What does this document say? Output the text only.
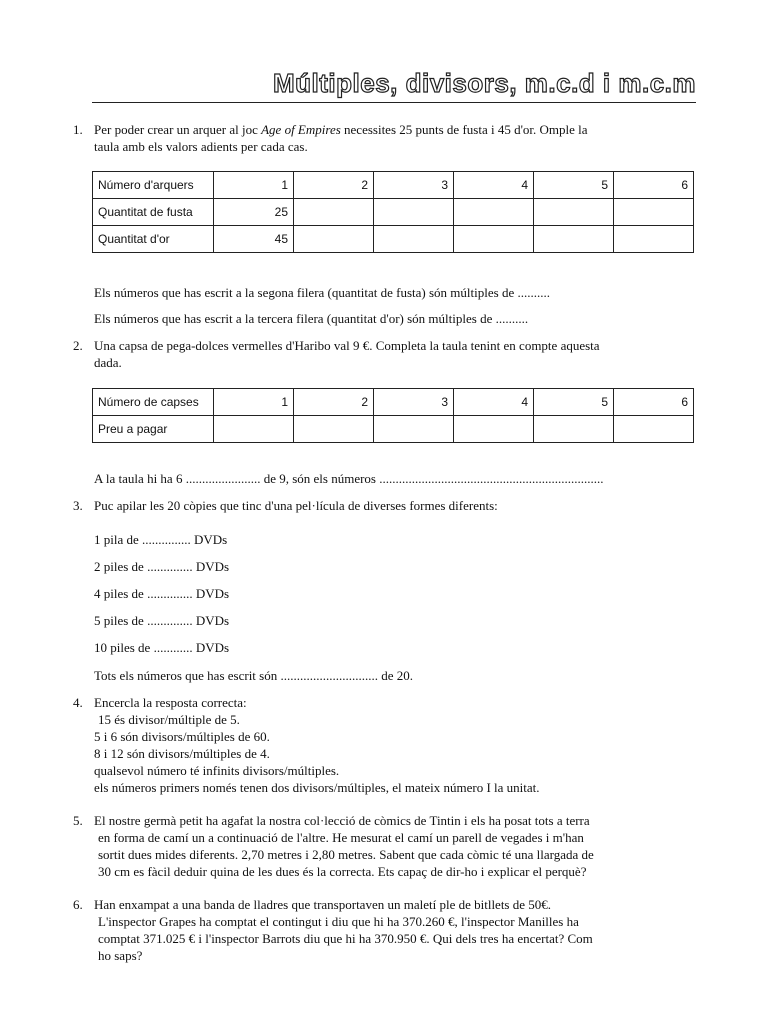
Múltiples, divisors, m.c.d i m.c.m
1. Per poder crear un arquer al joc Age of Empires necessites 25 punts de fusta i 45 d'or. Omple la
taula amb els valors adients per cada cas.
Número d'arquers	1	2	3	4	5	6
Quantitat de fusta	25					
Quantitat d'or	45					
Els números que has escrit a la segona filera (quantitat de fusta) són múltiples de ..........
Els números que has escrit a la tercera filera (quantitat d'or) són múltiples de ..........
2. Una capsa de pega-dolces vermelles d'Haribo val 9 €. Completa la taula tenint en compte aquesta
dada.
Número de capses	1	2	3	4	5	6
Preu a pagar						
A la taula hi ha 6 ....................... de 9, són els números .....................................................................
3. Puc apilar les 20 còpies que tinc d'una pel·lícula de diverses formes diferents:
1 pila de ............... DVDs
2 piles de .............. DVDs
4 piles de .............. DVDs
5 piles de .............. DVDs
10 piles de ............ DVDs
Tots els números que has escrit són .............................. de 20.
4. Encercla la resposta correcta:
15 és divisor/múltiple de 5.
5 i 6 són divisors/múltiples de 60.
8 i 12 són divisors/múltiples de 4.
qualsevol número té infinits divisors/múltiples.
els números primers només tenen dos divisors/múltiples, el mateix número I la unitat.
5. El nostre germà petit ha agafat la nostra col·lecció de còmics de Tintin i els ha posat tots a terra
en forma de camí un a continuació de l'altre. He mesurat el camí un parell de vegades i m'han
sortit dues mides diferents. 2,70 metres i 2,80 metres. Sabent que cada còmic té una llargada de
30 cm es fàcil deduir quina de les dues és la correcta. Ets capaç de dir-ho i explicar el perquè?
6. Han enxampat a una banda de lladres que transportaven un maletí ple de bitllets de 50€.
L'inspector Grapes ha comptat el contingut i diu que hi ha 370.260 €, l'inspector Manilles ha
comptat 371.025 € i l'inspector Barrots diu que hi ha 370.950 €. Qui dels tres ha encertat? Com
ho saps?
